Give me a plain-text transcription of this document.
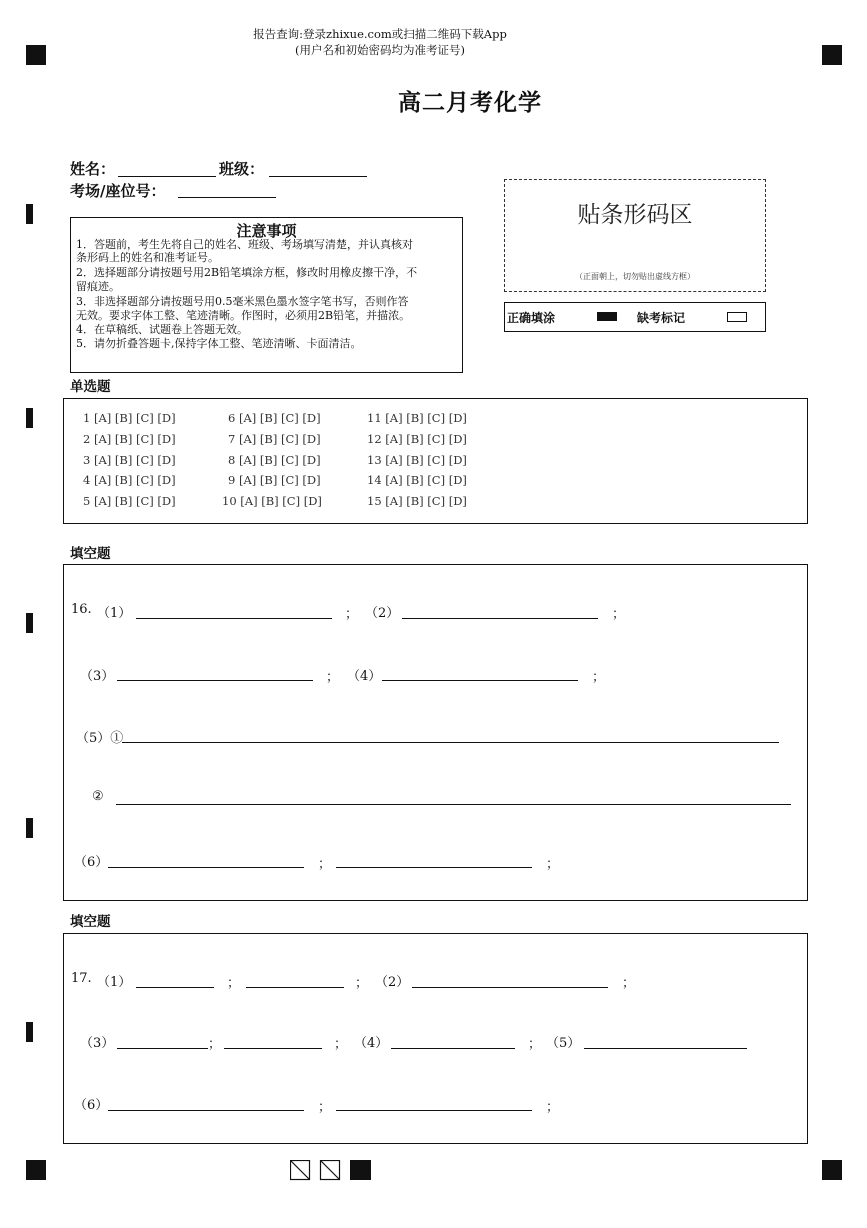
报告查询:登录zhixue.com或扫描二维码下载App
(用户名和初始密码均为准考证号)
高二月考化学
姓名：	班级：
考场/座位号：
贴条形码区
（正面朝上，切勿贴出虚线方框）
正确填涂	缺考标记
注意事项
1．答题前，考生先将自己的姓名、班级、考场填写清楚，并认真核对
条形码上的姓名和准考证号。
2．选择题部分请按题号用2B铅笔填涂方框，修改时用橡皮擦干净，不
留痕迹。
3．非选择题部分请按题号用0.5毫米黑色墨水签字笔书写，否则作答
无效。要求字体工整、笔迹清晰。作图时，必须用2B铅笔，并描浓。
4．在草稿纸、试题卷上答题无效。
5．请勿折叠答题卡,保持字体工整、笔迹清晰、卡面清洁。
单选题
1 [A] [B] [C] [D]	6 [A] [B] [C] [D]	11 [A] [B] [C] [D]
2 [A] [B] [C] [D]	7 [A] [B] [C] [D]	12 [A] [B] [C] [D]
3 [A] [B] [C] [D]	8 [A] [B] [C] [D]	13 [A] [B] [C] [D]
4 [A] [B] [C] [D]	9 [A] [B] [C] [D]	14 [A] [B] [C] [D]
5 [A] [B] [C] [D]	10 [A] [B] [C] [D]	15 [A] [B] [C] [D]
填空题
16. （1）	； （2）	；
（3）	； （4）	；
（5）①
②
（6）	；	；
填空题
17. （1）	；	； （2）	；
（3）	；	； （4）	； （5）
（6）	；	；
